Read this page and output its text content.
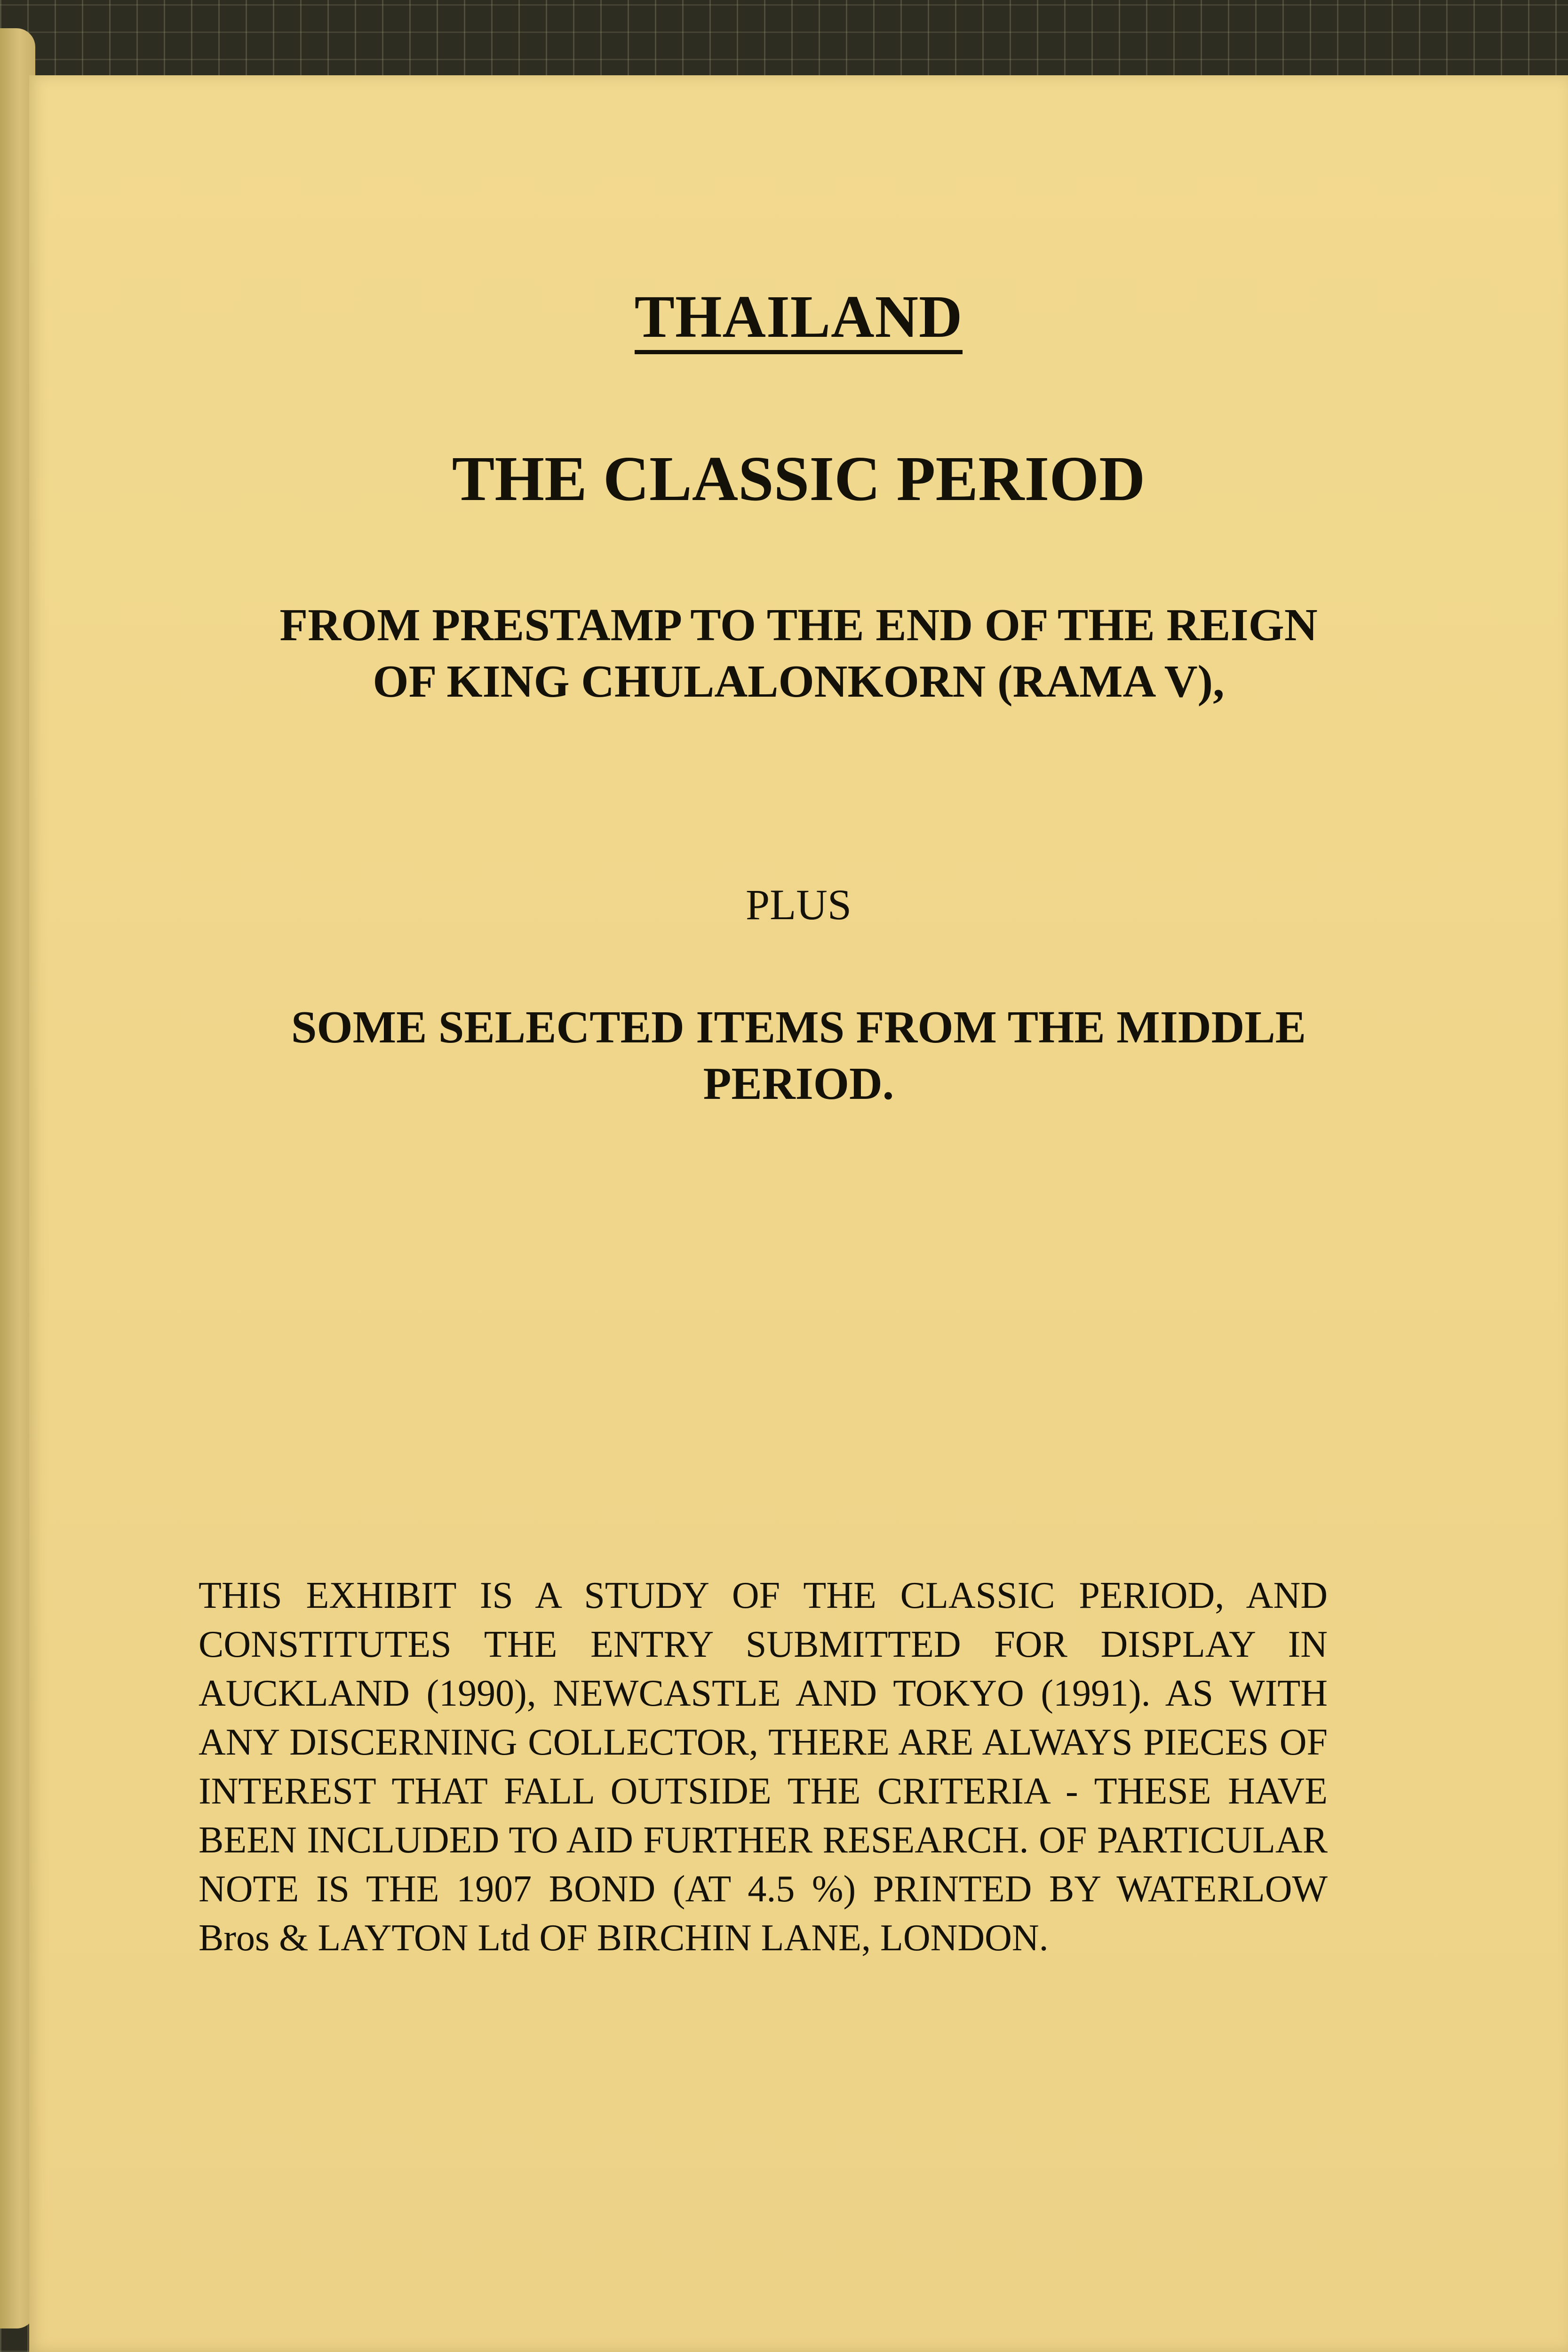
THAILAND
THE CLASSIC PERIOD
FROM PRESTAMP TO THE END OF THE REIGN
OF KING CHULALONKORN (RAMA V),
PLUS
SOME SELECTED ITEMS FROM THE MIDDLE
PERIOD.

THIS EXHIBIT IS A STUDY OF THE CLASSIC PERIOD, AND CONSTITUTES THE ENTRY SUBMITTED FOR DISPLAY IN AUCKLAND (1990), NEWCASTLE AND TOKYO (1991). AS WITH ANY DISCERNING COLLECTOR, THERE ARE ALWAYS PIECES OF INTEREST THAT FALL OUTSIDE THE CRITERIA - THESE HAVE BEEN INCLUDED TO AID FURTHER RESEARCH. OF PARTICULAR NOTE IS THE 1907 BOND (AT 4.5 %) PRINTED BY WATERLOW Bros & LAYTON Ltd OF BIRCHIN LANE, LONDON.
